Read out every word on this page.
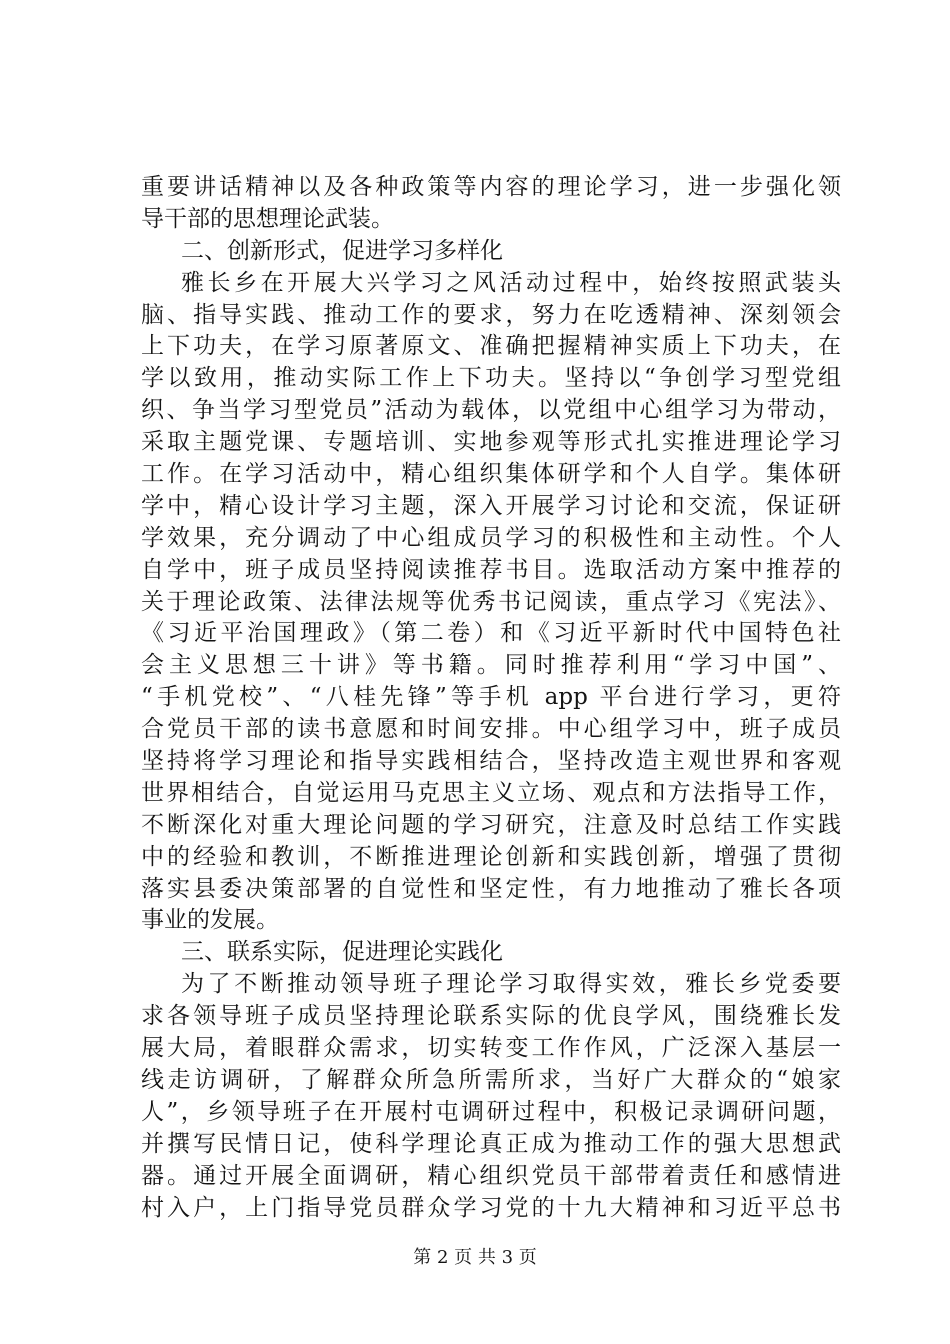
重要讲话精神以及各种政策等内容的理论学习，进一步强化领
导干部的思想理论武装。
二、创新形式，促进学习多样化
雅长乡在开展大兴学习之风活动过程中，始终按照武装头
脑、指导实践、推动工作的要求，努力在吃透精神、深刻领会
上下功夫，在学习原著原文、准确把握精神实质上下功夫，在
学以致用，推动实际工作上下功夫。坚持以“争创学习型党组
织、争当学习型党员”活动为载体，以党组中心组学习为带动，
采取主题党课、专题培训、实地参观等形式扎实推进理论学习
工作。在学习活动中，精心组织集体研学和个人自学。集体研
学中，精心设计学习主题，深入开展学习讨论和交流，保证研
学效果，充分调动了中心组成员学习的积极性和主动性。个人
自学中，班子成员坚持阅读推荐书目。选取活动方案中推荐的
关于理论政策、法律法规等优秀书记阅读，重点学习《宪法》、
《习近平治国理政》（第二卷）和《习近平新时代中国特色社
会主义思想三十讲》等书籍。同时推荐利用“学习中国”、
“手机党校”、“八桂先锋”等手机 app 平台进行学习，更符
合党员干部的读书意愿和时间安排。中心组学习中，班子成员
坚持将学习理论和指导实践相结合，坚持改造主观世界和客观
世界相结合，自觉运用马克思主义立场、观点和方法指导工作，
不断深化对重大理论问题的学习研究，注意及时总结工作实践
中的经验和教训，不断推进理论创新和实践创新，增强了贯彻
落实县委决策部署的自觉性和坚定性，有力地推动了雅长各项
事业的发展。
三、联系实际，促进理论实践化
为了不断推动领导班子理论学习取得实效，雅长乡党委要
求各领导班子成员坚持理论联系实际的优良学风，围绕雅长发
展大局，着眼群众需求，切实转变工作作风，广泛深入基层一
线走访调研，了解群众所急所需所求，当好广大群众的“娘家
人”，乡领导班子在开展村屯调研过程中，积极记录调研问题，
并撰写民情日记，使科学理论真正成为推动工作的强大思想武
器。通过开展全面调研，精心组织党员干部带着责任和感情进
村入户，上门指导党员群众学习党的十九大精神和习近平总书
第 2 页 共 3 页
